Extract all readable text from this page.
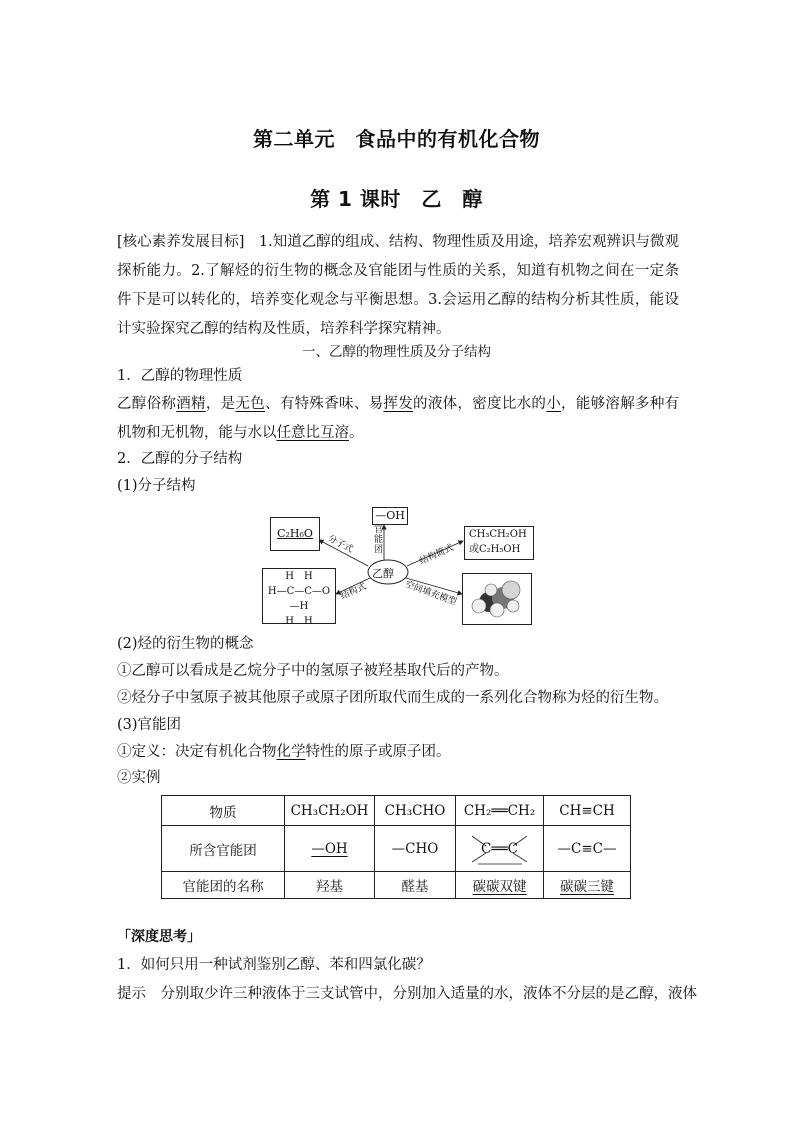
第二单元　食品中的有机化合物
第 1 课时　乙　醇
[核心素养发展目标]　1.知道乙醇的组成、结构、物理性质及用途，培养宏观辨识与微观探析能力。2.了解烃的衍生物的概念及官能团与性质的关系，知道有机物之间在一定条件下是可以转化的，培养变化观念与平衡思想。3.会运用乙醇的结构分析其性质，能设计实验探究乙醇的结构及性质，培养科学探究精神。
一、乙醇的物理性质及分子结构
1．乙醇的物理性质
乙醇俗称酒精，是无色、有特殊香味、易挥发的液体，密度比水的小，能够溶解多种有机物和无机物，能与水以任意比互溶。
2．乙醇的分子结构
(1)分子结构
乙醇
C₂H₆O
—OH
CH₃CH₂OH
或C₂H₅OH
H　H
H—C—C—O—H
H　H
分子式
官能团	结构简式
结构式	空间填充模型
(2)烃的衍生物的概念
①乙醇可以看成是乙烷分子中的氢原子被羟基取代后的产物。
②烃分子中氢原子被其他原子或原子团所取代而生成的一系列化合物称为烃的衍生物。
(3)官能团
①定义：决定有机化合物化学特性的原子或原子团。
②实例
物质	CH₃CH₂OH	CH₃CHO	CH₂══CH₂	CH≡CH
所含官能团	—OH	—CHO	C══C	—C≡C—
官能团的名称	羟基	醛基	碳碳双键	碳碳三键
「深度思考」
1．如何只用一种试剂鉴别乙醇、苯和四氯化碳？
提示　分别取少许三种液体于三支试管中，分别加入适量的水，液体不分层的是乙醇，液体
